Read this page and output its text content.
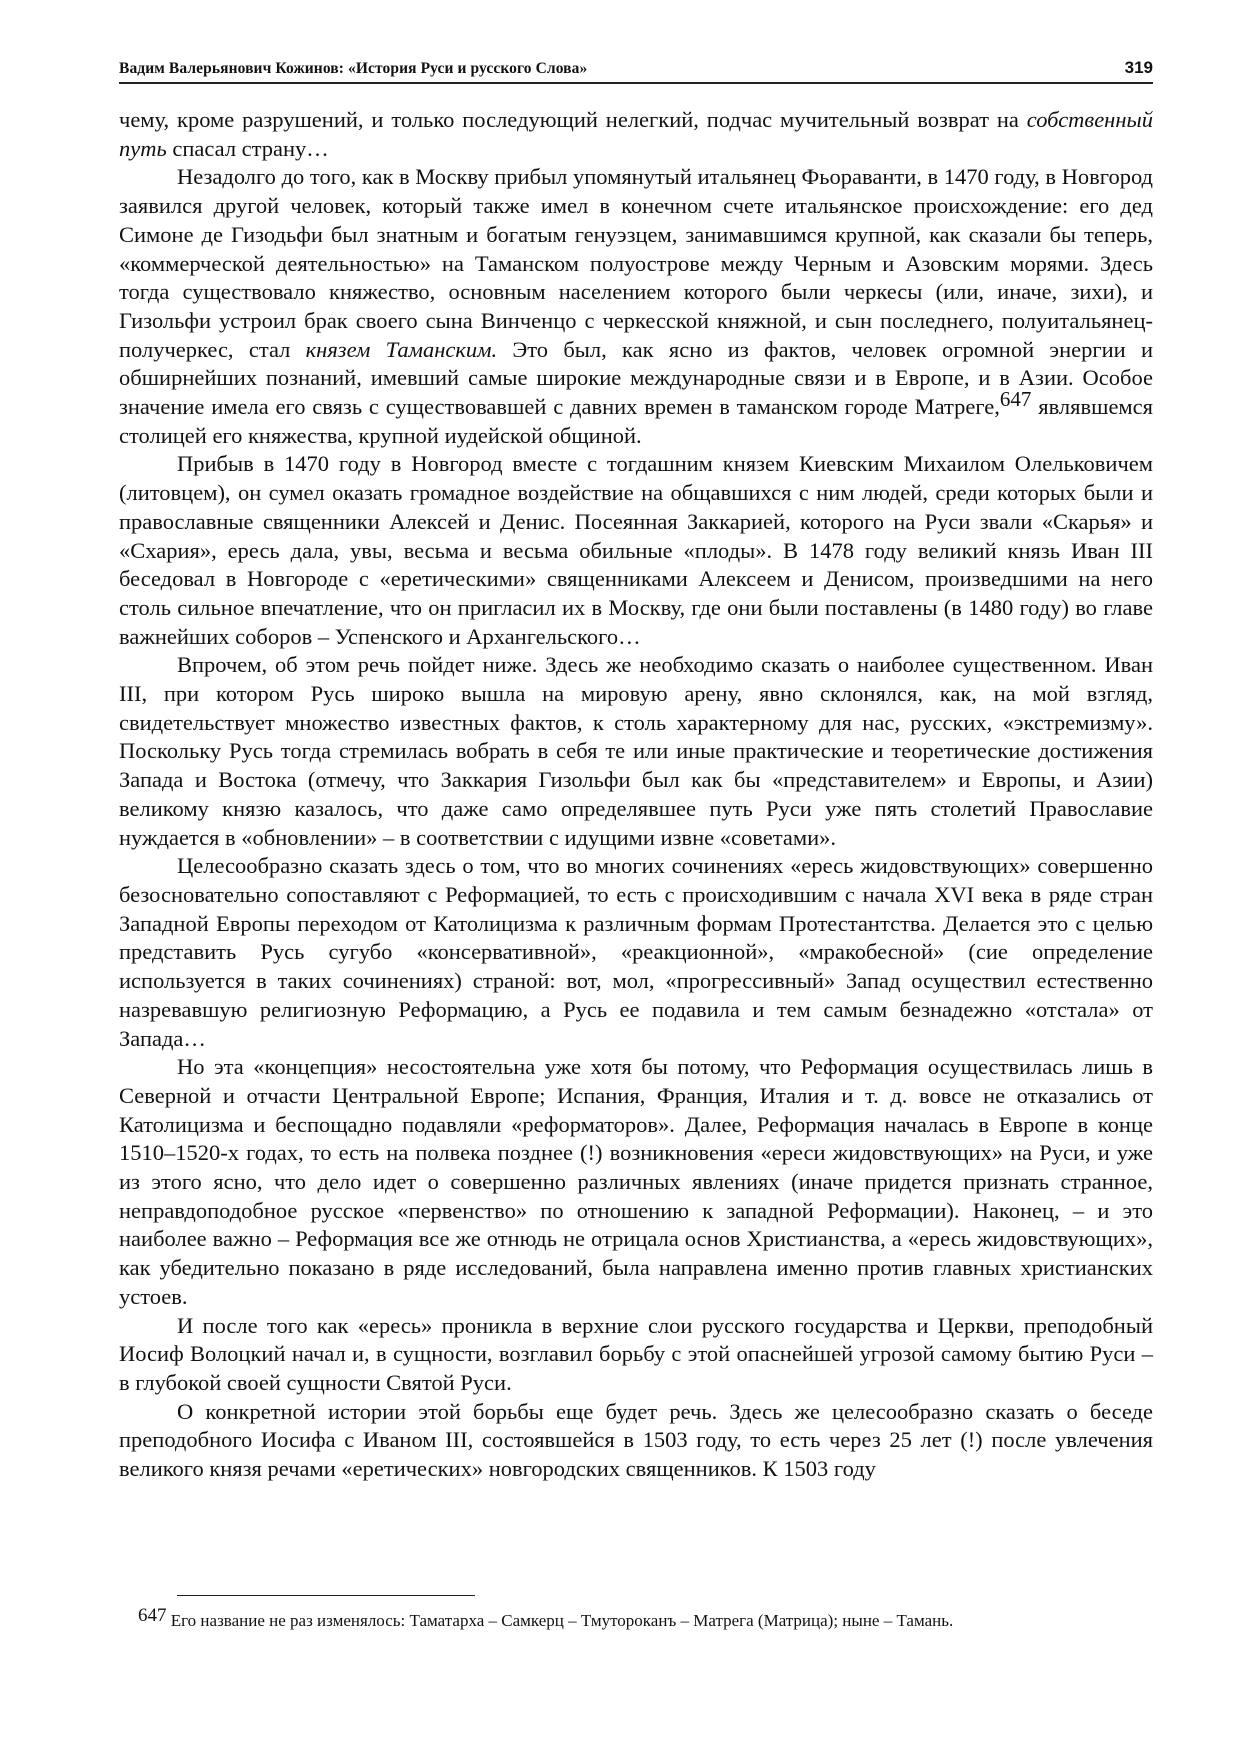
Вадим Валерьянович Кожинов: «История Руси и русского Слова»	319

чему, кроме разрушений, и только последующий нелегкий, подчас мучительный возврат на собственный путь спасал страну…

Незадолго до того, как в Москву прибыл упомянутый итальянец Фьораванти, в 1470 году, в Новгород заявился другой человек, который также имел в конечном счете итальянское происхождение: его дед Симоне де Гизодьфи был знатным и богатым генуэзцем, занимавшимся крупной, как сказали бы теперь, «коммерческой деятельностью» на Таманском полуострове между Черным и Азовским морями. Здесь тогда существовало княжество, основным населением которого были черкесы (или, иначе, зихи), и Гизольфи устроил брак своего сына Винченцо с черкесской княжной, и сын последнего, полуитальянец-получеркес, стал князем Таманским. Это был, как ясно из фактов, человек огромной энергии и обширнейших познаний, имевший самые широкие международные связи и в Европе, и в Азии. Особое значение имела его связь с существовавшей с давних времен в таманском городе Матреге,647 являвшемся столицей его княжества, крупной иудейской общиной.

Прибыв в 1470 году в Новгород вместе с тогдашним князем Киевским Михаилом Олельковичем (литовцем), он сумел оказать громадное воздействие на общавшихся с ним людей, среди которых были и православные священники Алексей и Денис. Посеянная Заккарией, которого на Руси звали «Скарья» и «Схария», ересь дала, увы, весьма и весьма обильные «плоды». В 1478 году великий князь Иван III беседовал в Новгороде с «еретическими» священниками Алексеем и Денисом, произведшими на него столь сильное впечатление, что он пригласил их в Москву, где они были поставлены (в 1480 году) во главе важнейших соборов – Успенского и Архангельского…

Впрочем, об этом речь пойдет ниже. Здесь же необходимо сказать о наиболее существенном. Иван III, при котором Русь широко вышла на мировую арену, явно склонялся, как, на мой взгляд, свидетельствует множество известных фактов, к столь характерному для нас, русских, «экстремизму». Поскольку Русь тогда стремилась вобрать в себя те или иные практические и теоретические достижения Запада и Востока (отмечу, что Заккария Гизольфи был как бы «представителем» и Европы, и Азии) великому князю казалось, что даже само определявшее путь Руси уже пять столетий Православие нуждается в «обновлении» – в соответствии с идущими извне «советами».

Целесообразно сказать здесь о том, что во многих сочинениях «ересь жидовствующих» совершенно безосновательно сопоставляют с Реформацией, то есть с происходившим с начала XVI века в ряде стран Западной Европы переходом от Католицизма к различным формам Протестантства. Делается это с целью представить Русь сугубо «консервативной», «реакционной», «мракобесной» (сие определение используется в таких сочинениях) страной: вот, мол, «прогрессивный» Запад осуществил естественно назревавшую религиозную Реформацию, а Русь ее подавила и тем самым безнадежно «отстала» от Запада…

Но эта «концепция» несостоятельна уже хотя бы потому, что Реформация осуществилась лишь в Северной и отчасти Центральной Европе; Испания, Франция, Италия и т. д. вовсе не отказались от Католицизма и беспощадно подавляли «реформаторов». Далее, Реформация началась в Европе в конце 1510–1520-х годах, то есть на полвека позднее (!) возникновения «ереси жидовствующих» на Руси, и уже из этого ясно, что дело идет о совершенно различных явлениях (иначе придется признать странное, неправдоподобное русское «первенство» по отношению к западной Реформации). Наконец, – и это наиболее важно – Реформация все же отнюдь не отрицала основ Христианства, а «ересь жидовствующих», как убедительно показано в ряде исследований, была направлена именно против главных христианских устоев.

И после того как «ересь» проникла в верхние слои русского государства и Церкви, преподобный Иосиф Волоцкий начал и, в сущности, возглавил борьбу с этой опаснейшей угрозой самому бытию Руси – в глубокой своей сущности Святой Руси.

О конкретной истории этой борьбы еще будет речь. Здесь же целесообразно сказать о беседе преподобного Иосифа с Иваном III, состоявшейся в 1503 году, то есть через 25 лет (!) после увлечения великого князя речами «еретических» новгородских священников. К 1503 году

647 Его название не раз изменялось: Таматарха – Самкерц – Тмутороканъ – Матрега (Матрица); ныне – Тамань.
